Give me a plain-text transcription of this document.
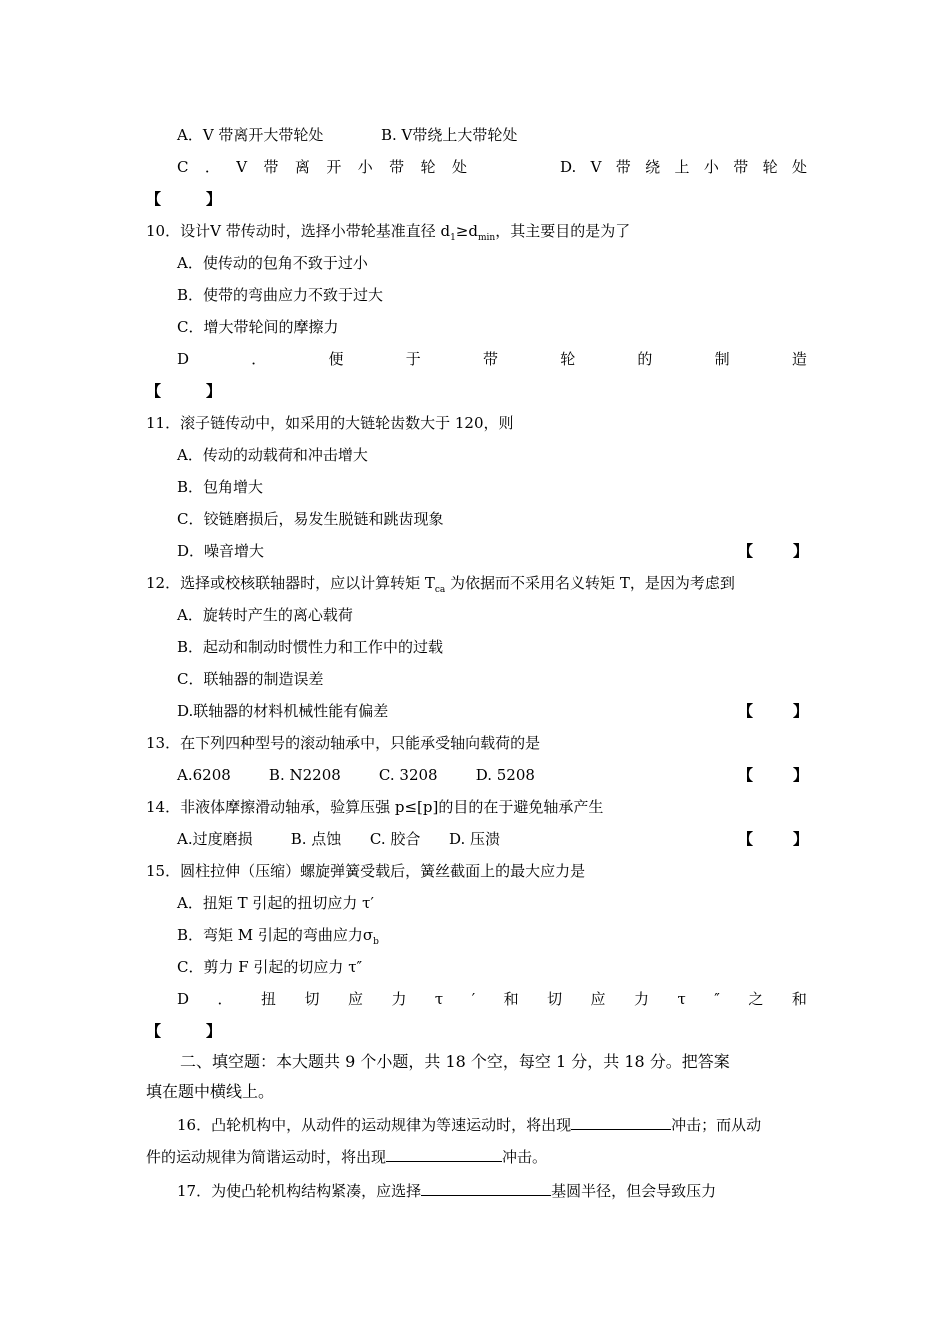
A．V 带离开大带轮处	B. V带绕上大带轮处
C ． V 带 离 开 小 带 轮 处	D. V 带 绕 上 小 带 轮 处
【	】
10．设计V 带传动时，选择小带轮基准直径 $d_1\ge d_{min}$，其主要目的是为了
A．使传动的包角不致于过小
B．使带的弯曲应力不致于过大
C．增大带轮间的摩擦力
D	．	便	于	带	轮	的	制	造
【	】
11．滚子链传动中，如采用的大链轮齿数大于 120，则
A．传动的动载荷和冲击增大
B．包角增大
C．铰链磨损后，易发生脱链和跳齿现象
D．噪音增大	【	】
12．选择或校核联轴器时，应以计算转矩 $T_{ca}$ 为依据而不采用名义转矩 T，是因为考虑到
A．旋转时产生的离心载荷
B．起动和制动时惯性力和工作中的过载
C．联轴器的制造误差
D.联轴器的材料机械性能有偏差	【	】
13．在下列四种型号的滚动轴承中，只能承受轴向载荷的是
A.6208        B. N2208        C. 3208        D. 5208	【	】
14．非液体摩擦滑动轴承，验算压强 p≤[p]的目的在于避免轴承产生
A.过度磨损        B. 点蚀      C. 胶合      D. 压溃	【	】
15．圆柱拉伸（压缩）螺旋弹簧受载后，簧丝截面上的最大应力是
A．扭矩 T 引起的扭切应力 τ′
B．弯矩 M 引起的弯曲应力$\sigma_b$
C．剪力 F 引起的切应力 τ″
D ． 扭 切 应 力 τ ′ 和 切 应 力 τ ″ 之 和
【	】
二、填空题：本大题共 9 个小题，共 18 个空，每空 1 分，共 18 分。把答案
填在题中横线上。
16．凸轮机构中，从动件的运动规律为等速运动时，将出现	冲击；而从动
件的运动规律为简谐运动时，将出现	冲击。
17．为使凸轮机构结构紧凑，应选择	基圆半径，但会导致压力
